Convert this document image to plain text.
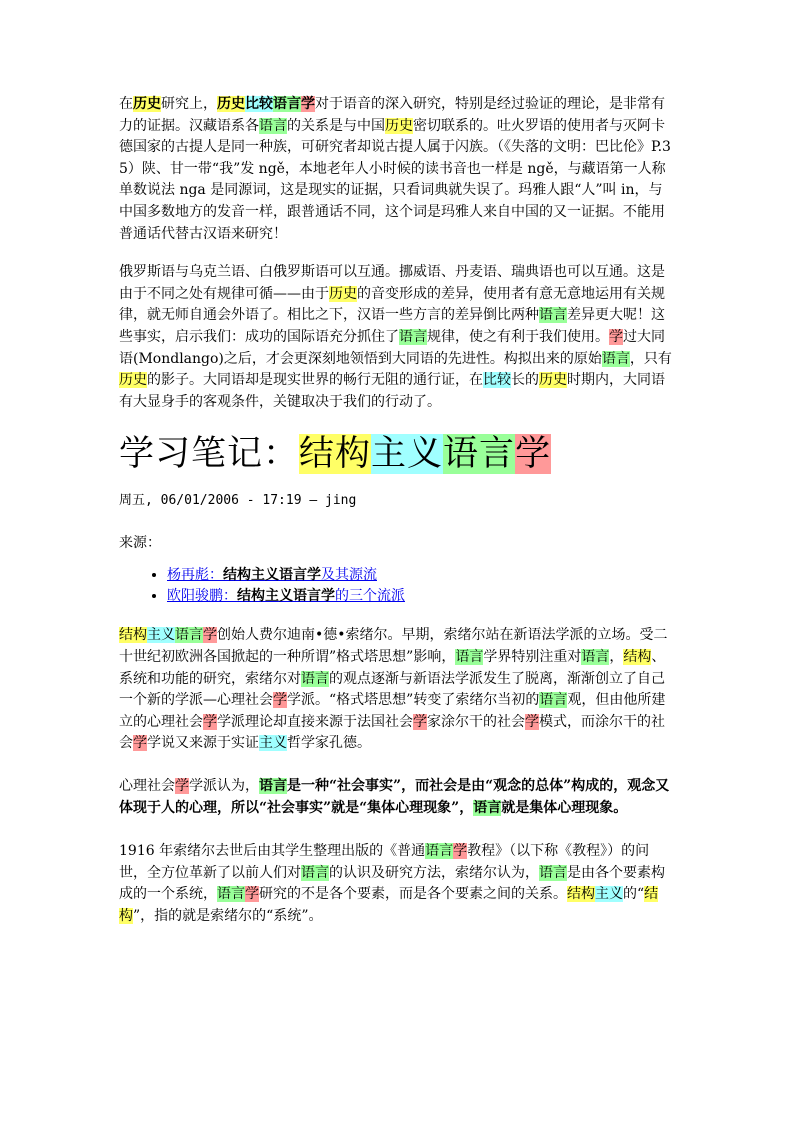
在历史研究上，历史比较语言学对于语音的深入研究，特别是经过验证的理论，是非常有力的证据。汉藏语系各语言的关系是与中国历史密切联系的。吐火罗语的使用者与灭阿卡德国家的古提人是同一种族，可研究者却说古提人属于闪族。（《失落的文明：巴比伦》P.35）陕、甘一带“我”发 ngě，本地老年人小时候的读书音也一样是 ngě，与藏语第一人称单数说法 nga 是同源词，这是现实的证据，只看词典就失误了。玛雅人跟“人”叫 in，与中国多数地方的发音一样，跟普通话不同，这个词是玛雅人来自中国的又一证据。不能用普通话代替古汉语来研究！

俄罗斯语与乌克兰语、白俄罗斯语可以互通。挪威语、丹麦语、瑞典语也可以互通。这是由于不同之处有规律可循——由于历史的音变形成的差异，使用者有意无意地运用有关规律，就无师自通会外语了。相比之下，汉语一些方言的差异倒比两种语言差异更大呢！这些事实，启示我们：成功的国际语充分抓住了语言规律，使之有利于我们使用。学过大同语(Mondlango)之后，才会更深刻地领悟到大同语的先进性。构拟出来的原始语言，只有历史的影子。大同语却是现实世界的畅行无阻的通行证，在比较长的历史时期内，大同语有大显身手的客观条件，关键取决于我们的行动了。

学习笔记：结构主义语言学
周五, 06/01/2006 - 17:19 — jing
来源：
• 杨再彪：结构主义语言学及其源流
• 欧阳骏鹏：结构主义语言学的三个流派

结构主义语言学创始人费尔迪南•德•索绪尔。早期，索绪尔站在新语法学派的立场。受二十世纪初欧洲各国掀起的一种所谓”格式塔思想”影响，语言学界特别注重对语言，结构、系统和功能的研究，索绪尔对语言的观点逐渐与新语法学派发生了脱离，渐渐创立了自己一个新的学派—心理社会学学派。“格式塔思想”转变了索绪尔当初的语言观，但由他所建立的心理社会学学派理论却直接来源于法国社会学家涂尔干的社会学模式，而涂尔干的社会学学说又来源于实证主义哲学家孔德。

心理社会学学派认为，语言是一种“社会事实”，而社会是由“观念的总体”构成的，观念又体现于人的心理，所以“社会事实”就是“集体心理现象”，语言就是集体心理现象。

1916 年索绪尔去世后由其学生整理出版的《普通语言学教程》（以下称《教程》）的问世，全方位革新了以前人们对语言的认识及研究方法，索绪尔认为，语言是由各个要素构成的一个系统，语言学研究的不是各个要素，而是各个要素之间的关系。结构主义的“结构”，指的就是索绪尔的“系统”。
